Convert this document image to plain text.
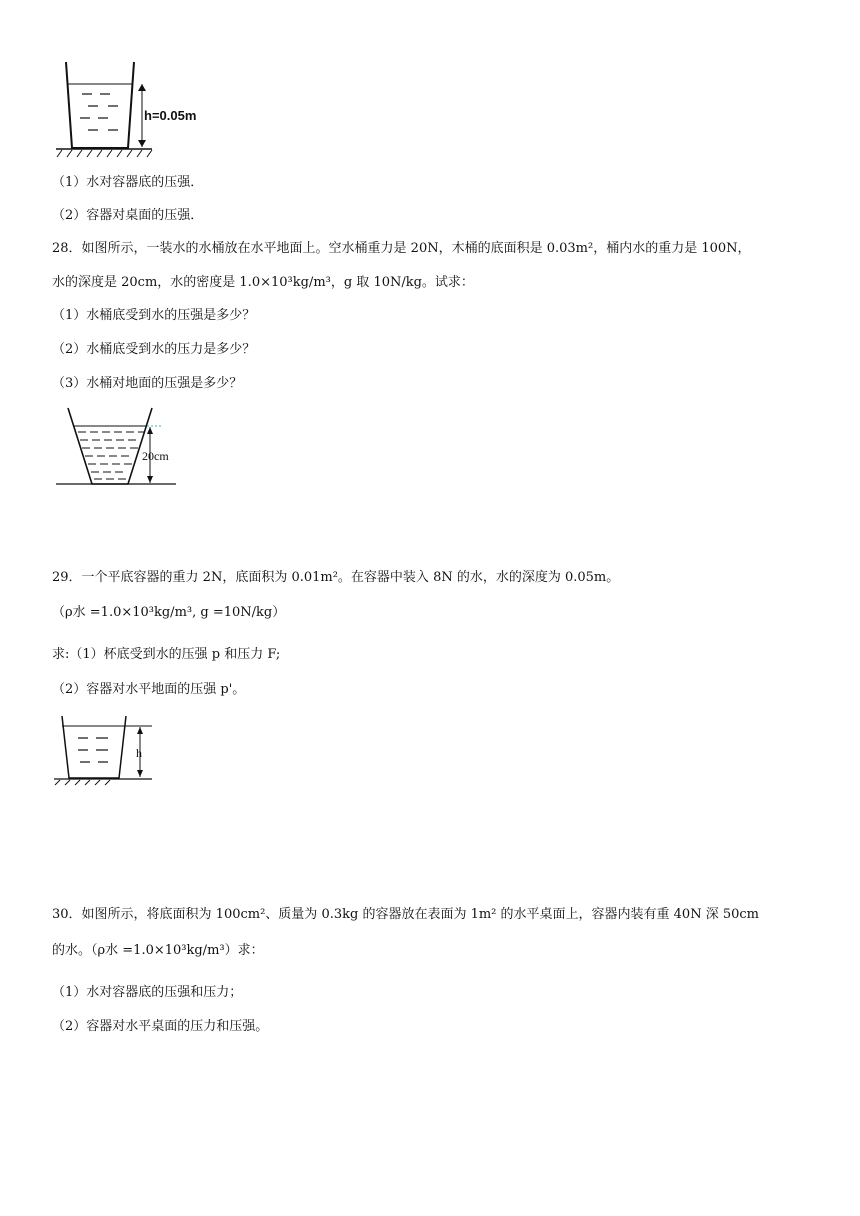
h=0.05m
（1）水对容器底的压强．
（2）容器对桌面的压强．
28．如图所示，一装水的水桶放在水平地面上。空水桶重力是 20N，木桶的底面积是 0.03m²，桶内水的重力是 100N，
水的深度是 20cm，水的密度是 1.0×10³kg/m³，g 取 10N/kg。试求：
（1）水桶底受到水的压强是多少？
（2）水桶底受到水的压力是多少？
（3）水桶对地面的压强是多少？
20cm
29．一个平底容器的重力 2N，底面积为 0.01m²。在容器中装入 8N 的水，水的深度为 0.05m。
（ρ水 =1.0×10³kg/m³, g =10N/kg）
求:（1）杯底受到水的压强 p 和压力 F;
（2）容器对水平地面的压强 p'。
h
30．如图所示，将底面积为 100cm²、质量为 0.3kg 的容器放在表面为 1m² 的水平桌面上，容器内装有重 40N 深 50cm
的水。（ρ水 =1.0×10³kg/m³）求：
（1）水对容器底的压强和压力；
（2）容器对水平桌面的压力和压强。
